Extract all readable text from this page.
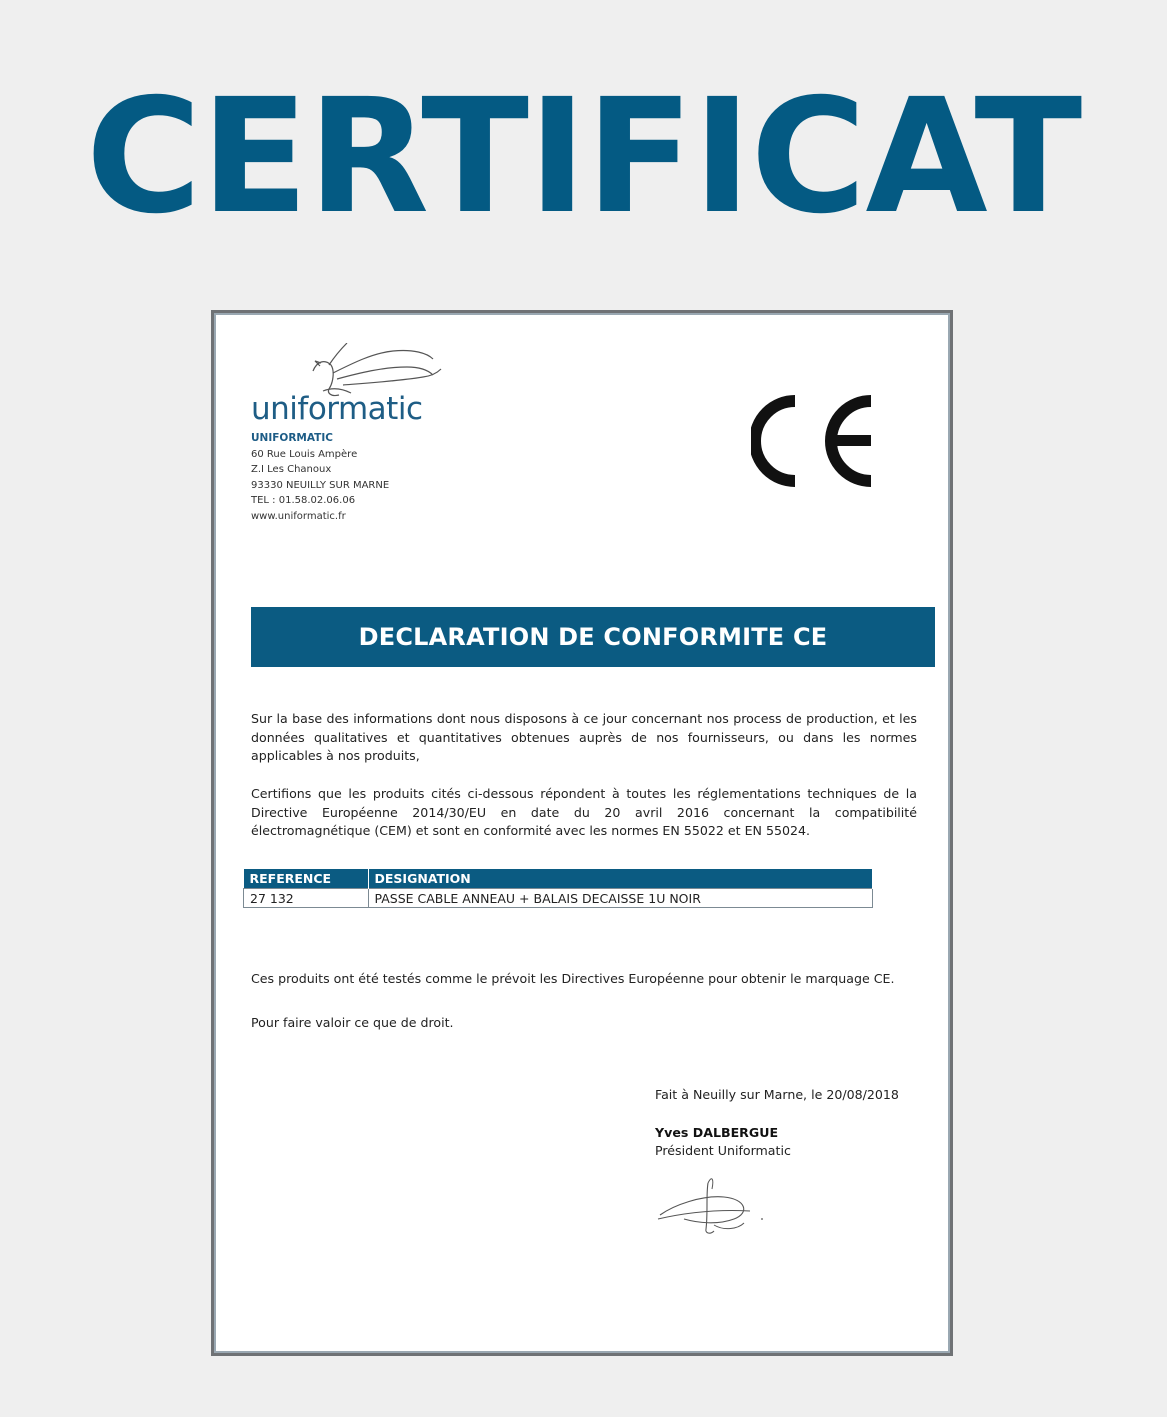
CERTIFICAT
uniformatic
UNIFORMATIC
60 Rue Louis Ampère
Z.I Les Chanoux
93330 NEUILLY SUR MARNE
TEL : 01.58.02.06.06
www.uniformatic.fr
DECLARATION DE CONFORMITE CE
Sur la base des informations dont nous disposons à ce jour concernant nos process de production, et les données qualitatives et quantitatives obtenues auprès de nos fournisseurs, ou dans les normes applicables à nos produits,
Certifions que les produits cités ci-dessous répondent à toutes les réglementations techniques de la Directive Européenne 2014/30/EU en date du 20 avril 2016 concernant la compatibilité électromagnétique (CEM) et sont en conformité avec les normes EN 55022 et EN 55024.
REFERENCE	DESIGNATION
27 132	PASSE CABLE ANNEAU + BALAIS DECAISSE 1U NOIR
Ces produits ont été testés comme le prévoit les Directives Européenne pour obtenir le marquage CE.
Pour faire valoir ce que de droit.
Fait à Neuilly sur Marne, le 20/08/2018
Yves DALBERGUE
Président Uniformatic
